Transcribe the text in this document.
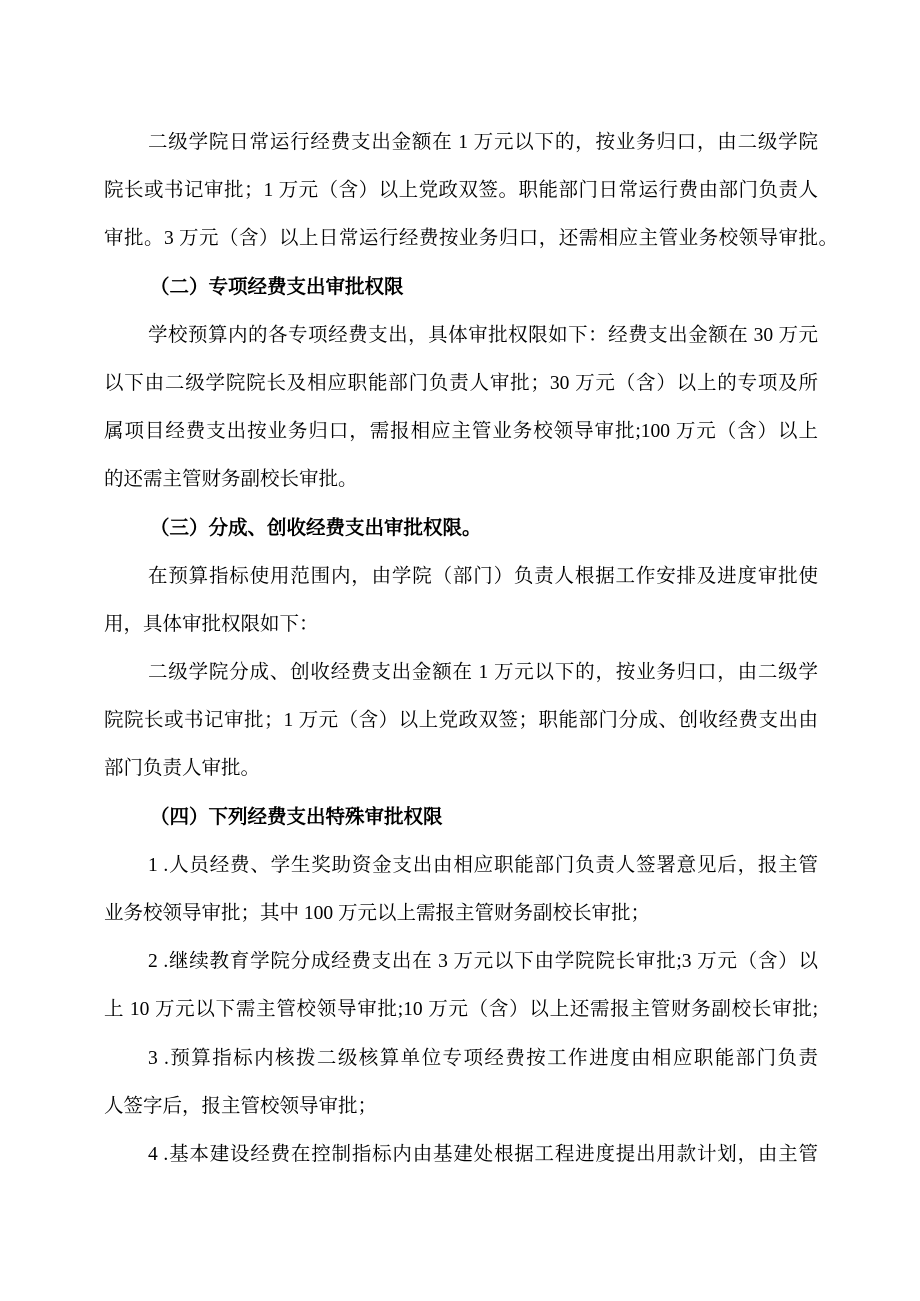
二级学院日常运行经费支出金额在 1 万元以下的，按业务归口，由二级学院
院长或书记审批；1 万元（含）以上党政双签。职能部门日常运行费由部门负责人
审批。3 万元（含）以上日常运行经费按业务归口，还需相应主管业务校领导审批。
（二）专项经费支出审批权限
学校预算内的各专项经费支出，具体审批权限如下：经费支出金额在 30 万元
以下由二级学院院长及相应职能部门负责人审批；30 万元（含）以上的专项及所
属项目经费支出按业务归口，需报相应主管业务校领导审批;100 万元（含）以上
的还需主管财务副校长审批。
（三）分成、创收经费支出审批权限。
在预算指标使用范围内，由学院（部门）负责人根据工作安排及进度审批使
用，具体审批权限如下：
二级学院分成、创收经费支出金额在 1 万元以下的，按业务归口，由二级学
院院长或书记审批；1 万元（含）以上党政双签；职能部门分成、创收经费支出由
部门负责人审批。
（四）下列经费支出特殊审批权限
1 .人员经费、学生奖助资金支出由相应职能部门负责人签署意见后，报主管
业务校领导审批；其中 100 万元以上需报主管财务副校长审批；
2 .继续教育学院分成经费支出在 3 万元以下由学院院长审批;3 万元（含）以
上 10 万元以下需主管校领导审批;10 万元（含）以上还需报主管财务副校长审批;
3 .预算指标内核拨二级核算单位专项经费按工作进度由相应职能部门负责
人签字后，报主管校领导审批；
4 .基本建设经费在控制指标内由基建处根据工程进度提出用款计划，由主管
